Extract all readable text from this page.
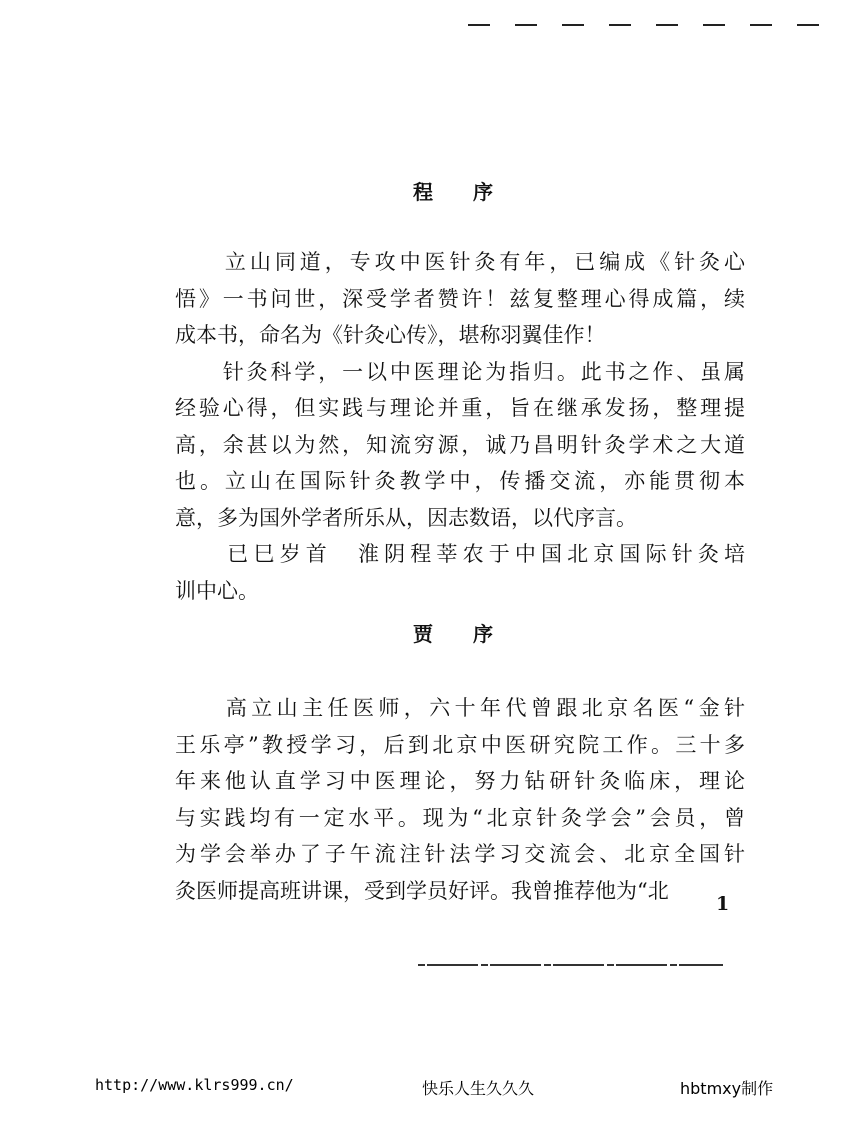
程　　序
　　立山同道，专攻中医针灸有年，已编成《针灸心
悟》一书问世，深受学者赞许！兹复整理心得成篇，续
成本书，命名为《针灸心传》，堪称羽翼佳作！
　　针灸科学，一以中医理论为指归。此书之作、虽属
经验心得，但实践与理论并重，旨在继承发扬，整理提
高，余甚以为然，知流穷源，诚乃昌明针灸学术之大道
也。立山在国际针灸教学中，传播交流，亦能贯彻本
意，多为国外学者所乐从，因志数语，以代序言。
　　已巳岁首　淮阴程莘农于中国北京国际针灸培
训中心。
贾　　序
　　高立山主任医师，六十年代曾跟北京名医“金针
王乐亭”教授学习，后到北京中医研究院工作。三十多
年来他认直学习中医理论，努力钻研针灸临床，理论
与实践均有一定水平。现为“北京针灸学会”会员，曾
为学会举办了子午流注针法学习交流会、北京全国针
灸医师提高班讲课，受到学员好评。我曾推荐他为“北
1
http://www.klrs999.cn/	快乐人生久久久	hbtmxy制作
